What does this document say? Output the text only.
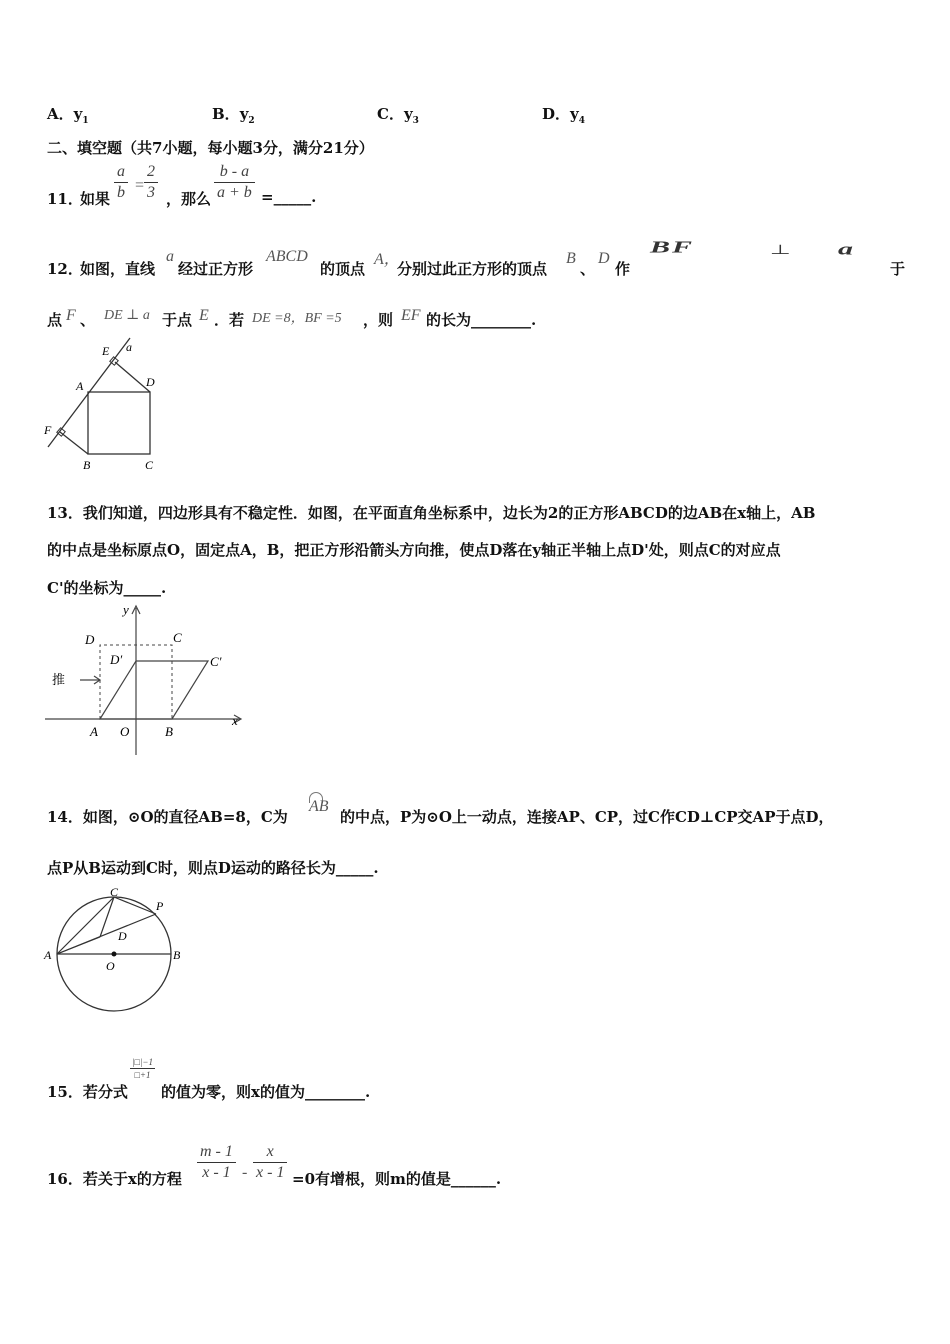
A．$y_1$	B．$y_2$	C．$y_3$	D．$y_4$
二、填空题（共7小题，每小题3分，满分21分）
11．
如果 $\frac{a}{b} = \frac{2}{3}$ ，那么 $\frac{b - a}{a + b}$ =_____.
12．
如图，直线
a
经过正方形
ABCD
的顶点
A，
分别过此正方形的顶点
B
、
D
作
BF	⊥ a
于
点 F 、 DE ⊥ a 于点 E ．若 DE =8，BF =5 ，则 EF 的长为________.
E a
A	D
F
B	C
13．我们知道，四边形具有不稳定性．如图，在平面直角坐标系中，边长为2的正方形ABCD的边AB在x轴上，AB
的中点是坐标原点O，固定点A，B，把正方形沿箭头方向推，使点D落在y轴正半轴上点D'处，则点C的对应点
C'的坐标为_____.
y
x
D	C
D′	C′
推
A O	B
14．如图，⊙O的直径AB=8，C为
AB
的中点，P为⊙O上一动点，连接AP、CP，过C作CD⊥CP交AP于点D，
点P从B运动到C时，则点D运动的路径长为_____.
C
P
D
A
O
B
15．若分式
|□|−1
□+1
的值为零，则x的值为________.
16．若关于x的方程 $\frac{m - 1}{x - 1} - \frac{x}{x - 1} =0$有增根，则m的值是______.
